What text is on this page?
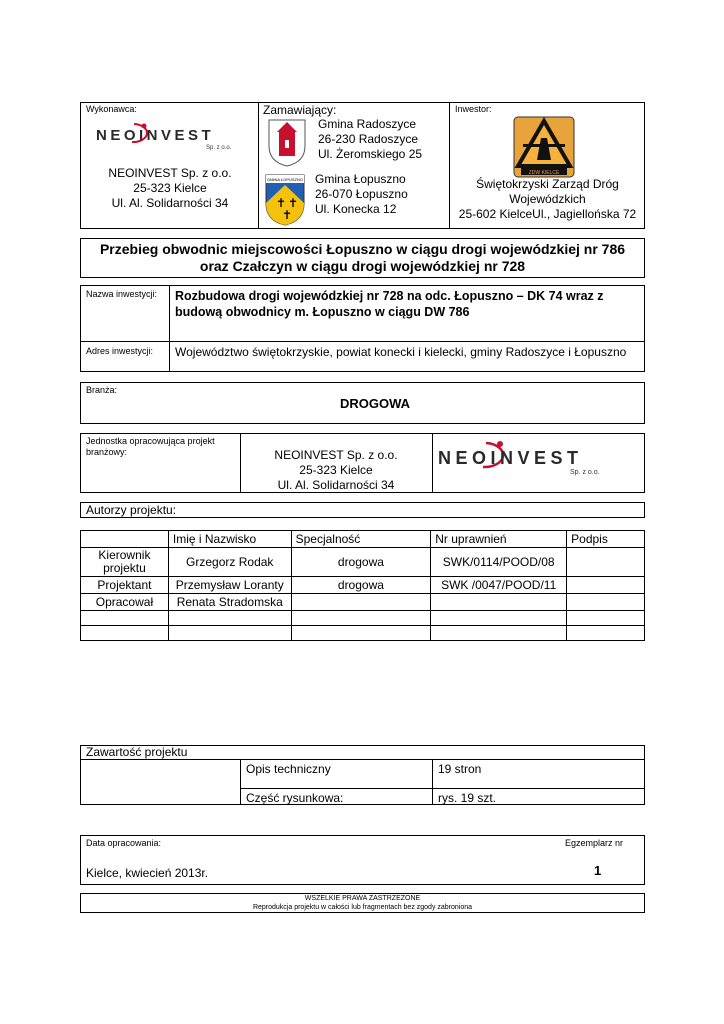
Wykonawca:
NEOINVEST
Sp. z o.o.
NEOINVEST Sp. z o.o.
25-323 Kielce
Ul. Al. Solidarności 34
Zamawiający:
Gmina Radoszyce
26-230 Radoszyce
Ul. Żeromskiego 25
GMINA ŁOPUSZNO
✝ ✝
✝
Gmina Łopuszno
26-070 Łopuszno
Ul. Konecka 12
Inwestor:
ZDW KIELCE
Świętokrzyski Zarząd Dróg
Wojewódzkich
25-602 KielceUl., Jagiellońska 72
Przebieg obwodnic miejscowości Łopuszno w ciągu drogi wojewódzkiej nr 786
oraz Czałczyn w ciągu drogi wojewódzkiej nr 728
Nazwa inwestycji:	Rozbudowa drogi wojewódzkiej nr 728 na odc. Łopuszno – DK 74 wraz z budową obwodnicy m. Łopuszno w ciągu DW 786
Adres inwestycji: Województwo świętokrzyskie, powiat konecki i kielecki, gminy Radoszyce i Łopuszno
Branża:
DROGOWA
Jednostka opracowująca projekt branżowy:	NEOINVEST Sp. z o.o.
25-323 Kielce
Ul. Al. Solidarności 34
NEOINVEST
Sp. z o.o.
Autorzy projektu:
	Imię i Nazwisko	Specjalność	Nr uprawnień	Podpis
Kierownik projektu	Grzegorz Rodak	drogowa	SWK/0114/POOD/08	
Projektant	Przemysław Loranty	drogowa	SWK /0047/POOD/11	
Opracował	Renata Stradomska			

Zawartość projektu
Opis techniczny	19 stron
Część rysunkowa:	rys. 19 szt.
Data opracowania:
Kielce, kwiecień 2013r.
Egzemplarz nr
1
WSZELKIE PRAWA ZASTRZEŻONE
Reprodukcja projektu w całości lub fragmentach bez zgody zabroniona
